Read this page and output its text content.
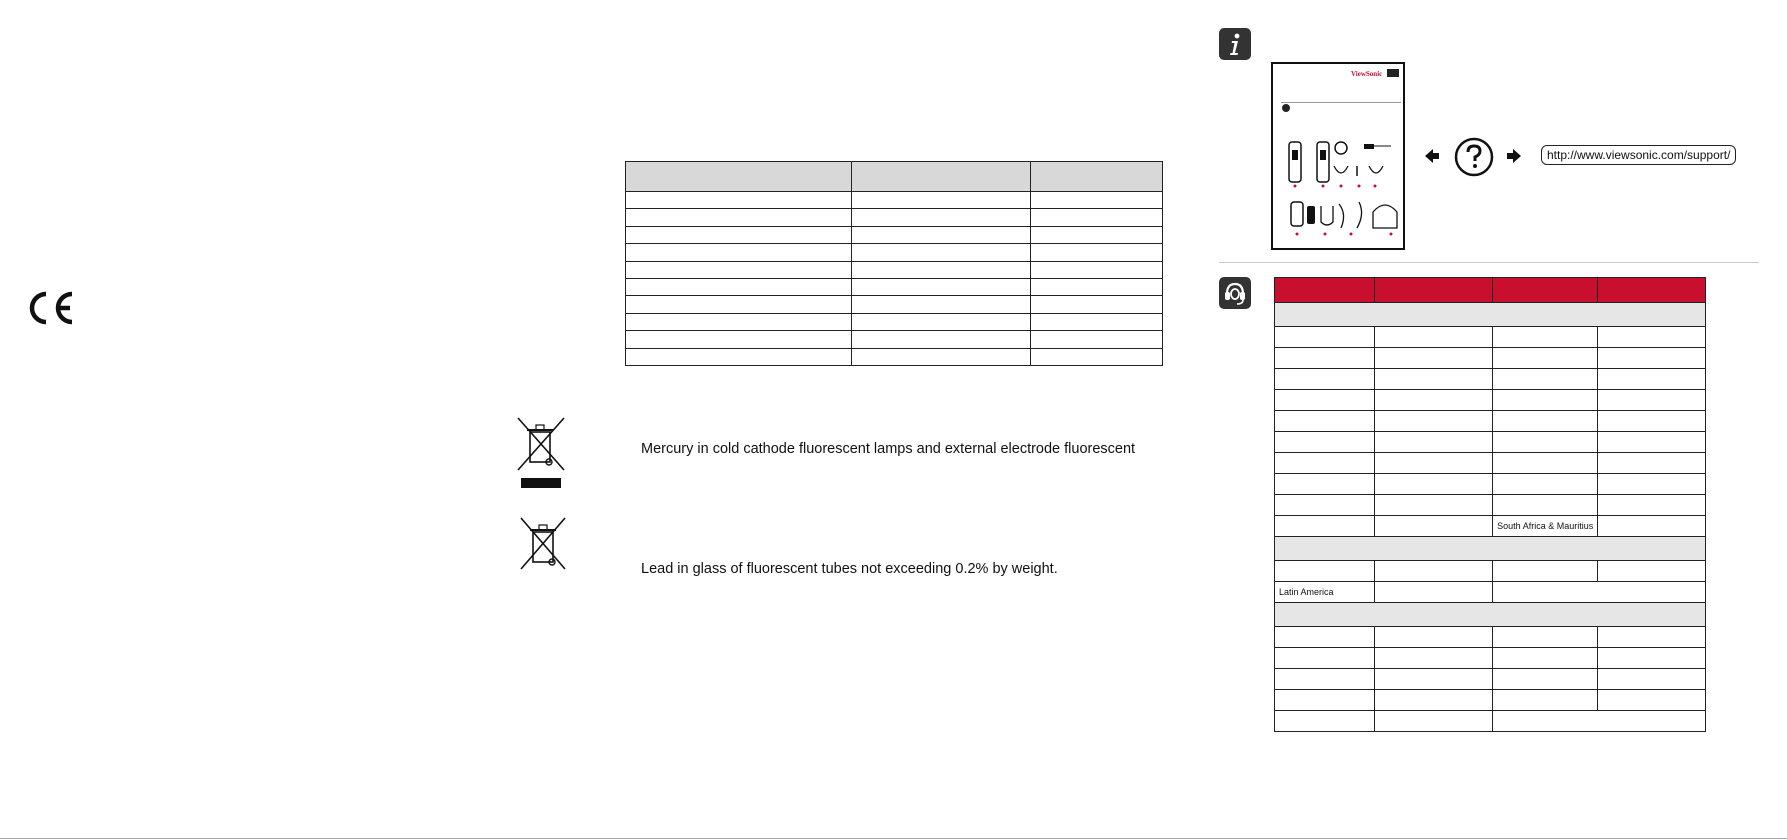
Mercury in cold cathode fluorescent lamps and external electrode fluorescent
Lead in glass of fluorescent tubes not exceeding 0.2% by weight.
ViewSonic
http://www.viewsonic.com/support/

		South Africa & Mauritius	

Latin America			
